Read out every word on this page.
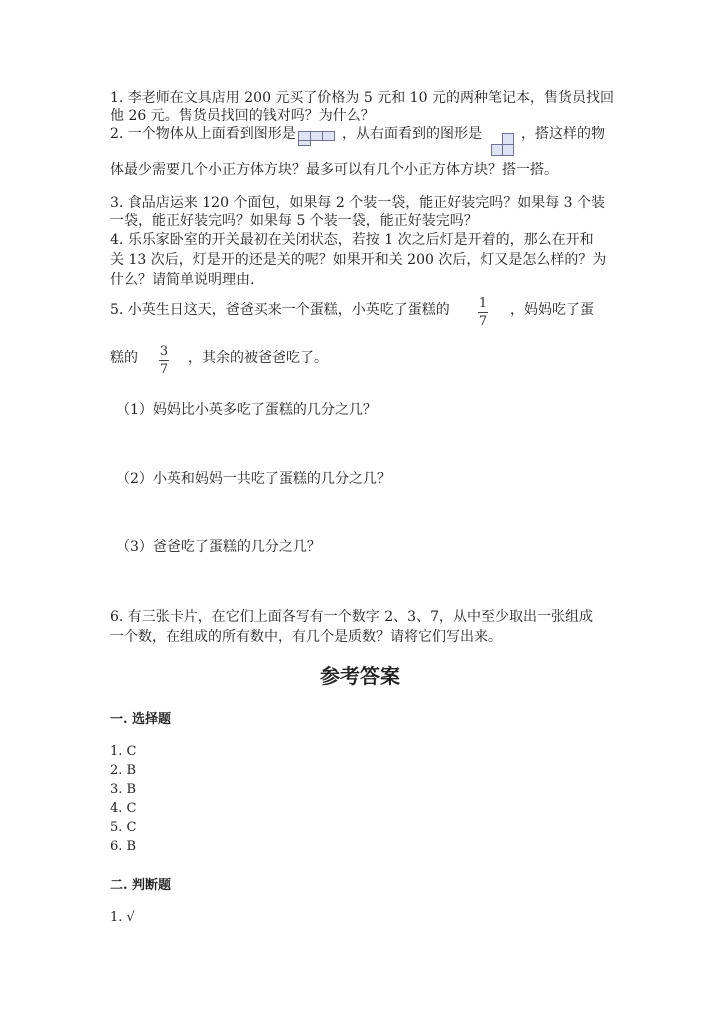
1. 李老师在文具店用 200 元买了价格为 5 元和 10 元的两种笔记本，售货员找回
他 26 元。售货员找回的钱对吗？为什么？
2. 一个物体从上面看到图形是	，从右面看到的图形是	，搭这样的物
体最少需要几个小正方体方块？最多可以有几个小正方体方块？搭一搭。
3. 食品店运来 120 个面包，如果每 2 个装一袋，能正好装完吗？如果每 3 个装
一袋，能正好装完吗？如果每 5 个装一袋，能正好装完吗？
4. 乐乐家卧室的开关最初在关闭状态，若按 1 次之后灯是开着的，那么在开和
关 13 次后，灯是开的还是关的呢？如果开和关 200 次后，灯又是怎么样的？为
什么？请简单说明理由.
5. 小英生日这天，爸爸买来一个蛋糕，小英吃了蛋糕的 1
7
，妈妈吃了蛋
糕的 3
7
，其余的被爸爸吃了。
（1）妈妈比小英多吃了蛋糕的几分之几？
（2）小英和妈妈一共吃了蛋糕的几分之几？
（3）爸爸吃了蛋糕的几分之几？
6. 有三张卡片，在它们上面各写有一个数字 2、3、7，从中至少取出一张组成
一个数，在组成的所有数中，有几个是质数？请将它们写出来。
参考答案
一. 选择题
1. C
2. B
3. B
4. C
5. C
6. B
二. 判断题
1. √
